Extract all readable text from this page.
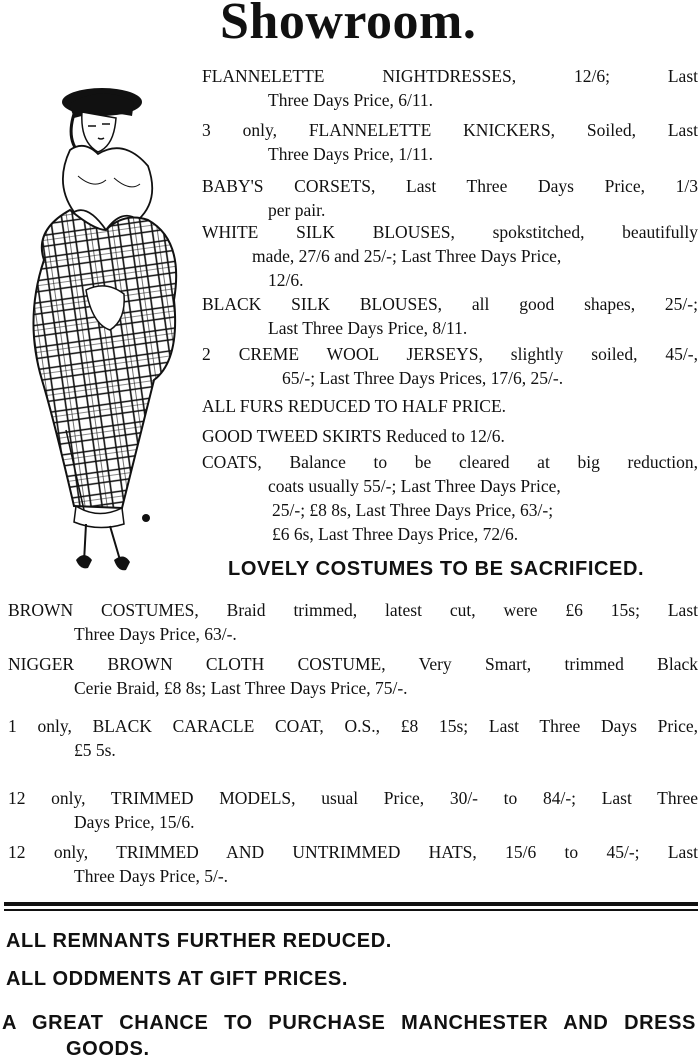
Showroom.
FLANNELETTE NIGHTDRESSES, 12/6; Last
Three Days Price, 6/11.
3 only, FLANNELETTE KNICKERS, Soiled, Last
Three Days Price, 1/11.
BABY'S CORSETS, Last Three Days Price, 1/3
per pair.
WHITE SILK BLOUSES, spokstitched, beautifully
made, 27/6 and 25/-; Last Three Days Price,
12/6.
BLACK SILK BLOUSES, all good shapes, 25/-;
Last Three Days Price, 8/11.
2 CREME WOOL JERSEYS, slightly soiled, 45/-,
65/-; Last Three Days Prices, 17/6, 25/-.
ALL FURS REDUCED TO HALF PRICE.
GOOD TWEED SKIRTS Reduced to 12/6.
COATS, Balance to be cleared at big reduction,
coats usually 55/-; Last Three Days Price,
25/-; £8 8s, Last Three Days Price, 63/-;
£6 6s, Last Three Days Price, 72/6.
LOVELY COSTUMES TO BE SACRIFICED.
BROWN COSTUMES, Braid trimmed, latest cut, were £6 15s; Last
Three Days Price, 63/-.
NIGGER BROWN CLOTH COSTUME, Very Smart, trimmed Black
Cerie Braid, £8 8s; Last Three Days Price, 75/-.
1 only, BLACK CARACLE COAT, O.S., £8 15s; Last Three Days Price,
£5 5s.
12 only, TRIMMED MODELS, usual Price, 30/- to 84/-; Last Three
Days Price, 15/6.
12 only, TRIMMED AND UNTRIMMED HATS, 15/6 to 45/-; Last
Three Days Price, 5/-.
ALL REMNANTS FURTHER REDUCED.
ALL ODDMENTS AT GIFT PRICES.
A GREAT CHANCE TO PURCHASE MANCHESTER AND DRESS
GOODS.
